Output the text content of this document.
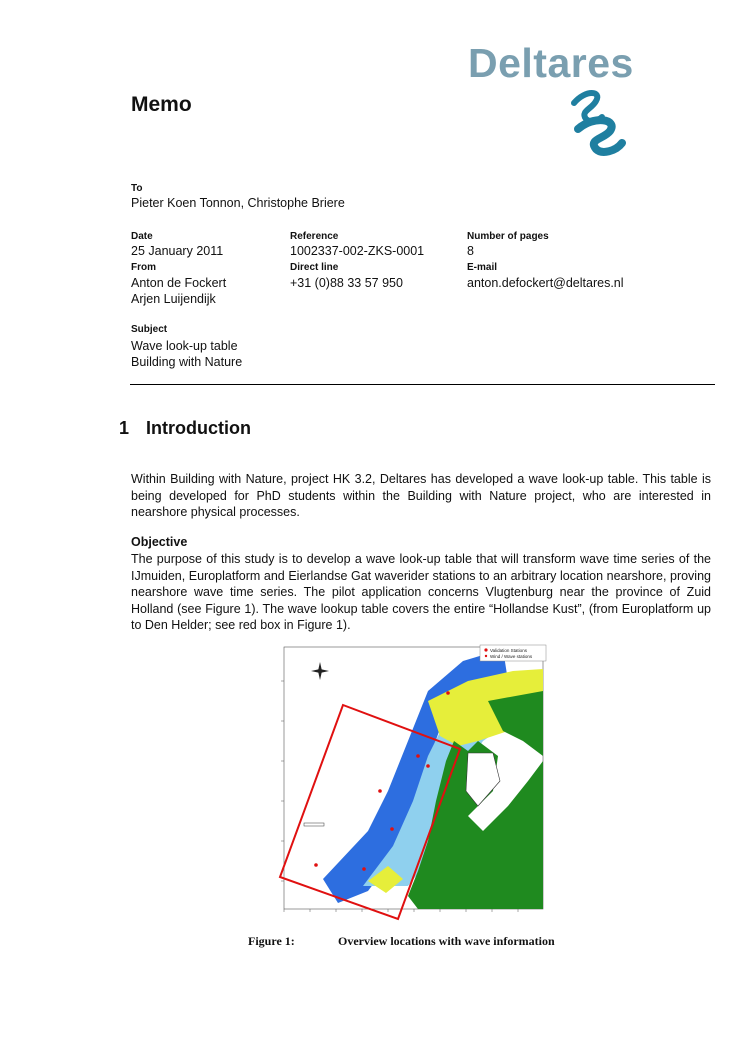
Deltares
Memo
To
Pieter Koen Tonnon, Christophe Briere
Date
25 January 2011
Reference
1002337-002-ZKS-0001
Number of pages
8
From
Anton de Fockert
Arjen Luijendijk
Direct line
+31 (0)88 33 57 950
E-mail
anton.defockert@deltares.nl
Subject
Wave look-up table
Building with Nature
1 Introduction
Within Building with Nature, project HK 3.2, Deltares has developed a wave look-up table. This table is being developed for PhD students within the Building with Nature project, who are interested in nearshore physical processes.
Objective
The purpose of this study is to develop a wave look-up table that will transform wave time series of the IJmuiden, Europlatform and Eierlandse Gat waverider stations to an arbitrary location nearshore, proving nearshore wave time series. The pilot application concerns Vlugtenburg near the province of Zuid Holland (see Figure 1). The wave lookup table covers the entire “Hollandse Kust”, (from Europlatform up to Den Helder; see red box in Figure 1).
Validation Stations
Wind / Wave stations
Figure 1:	Overview locations with wave information
